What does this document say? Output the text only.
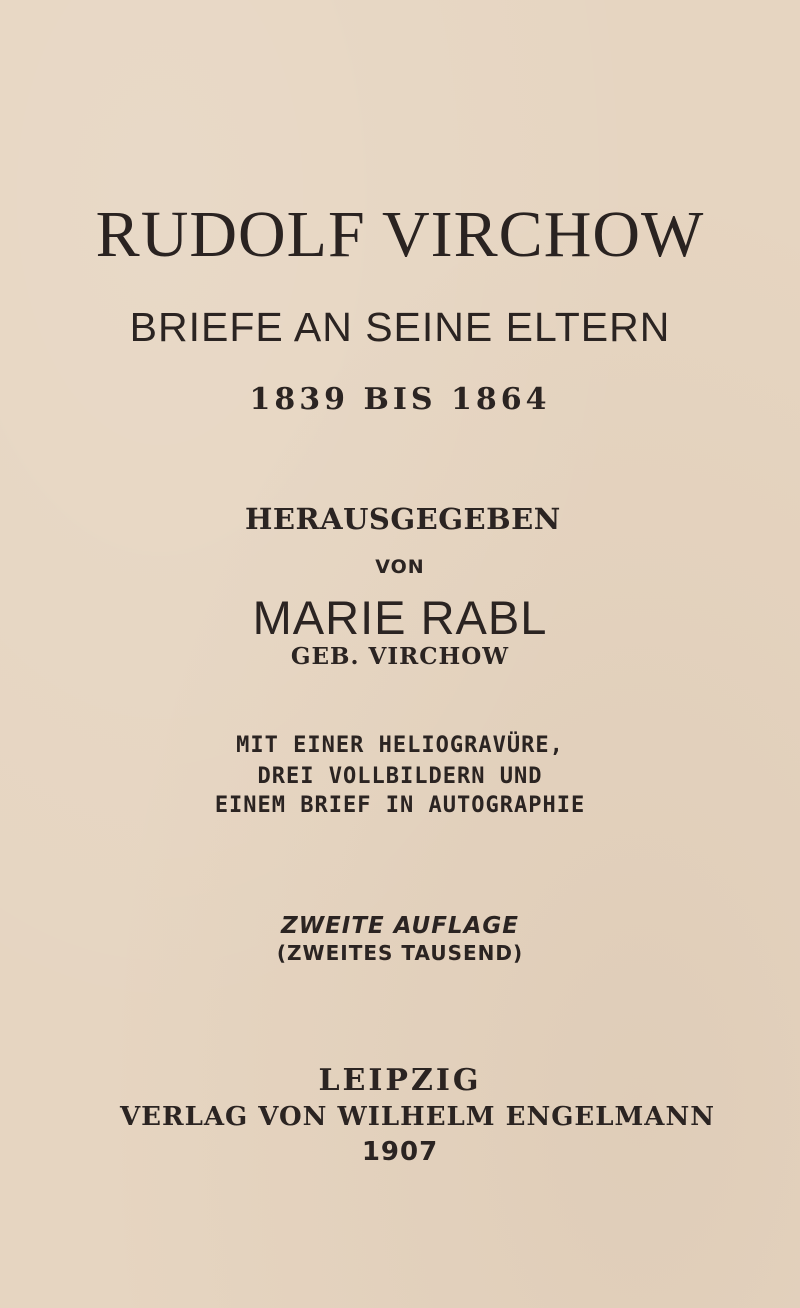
RUDOLF VIRCHOW
BRIEFE AN SEINE ELTERN
1839 BIS 1864
HERAUSGEGEBEN
VON
MARIE RABL
GEB. VIRCHOW
MIT EINER HELIOGRAVÜRE,
DREI VOLLBILDERN UND
EINEM BRIEF IN AUTOGRAPHIE
ZWEITE AUFLAGE
(ZWEITES TAUSEND)
LEIPZIG
VERLAG VON WILHELM ENGELMANN
1907
